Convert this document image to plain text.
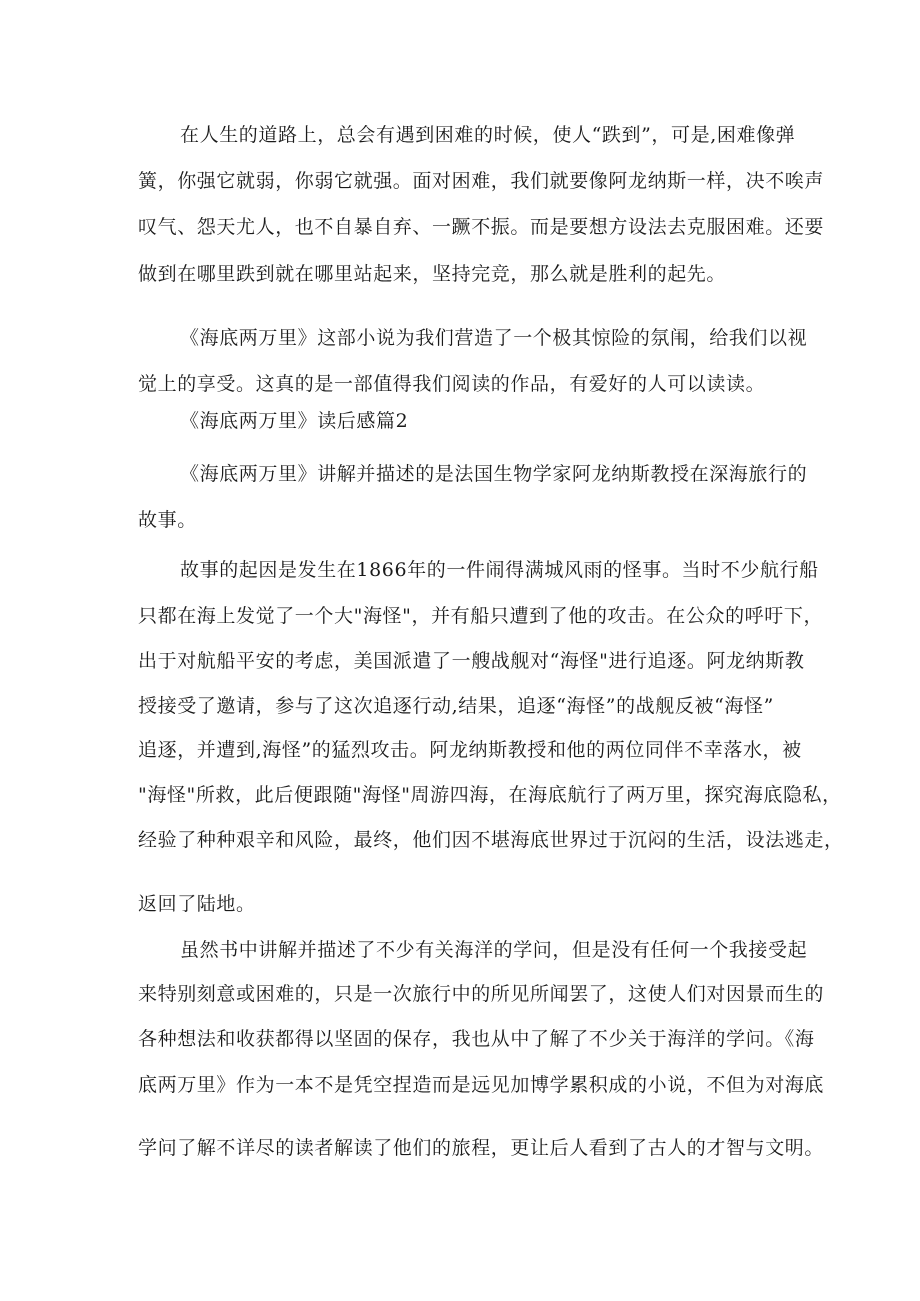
在人生的道路上，总会有遇到困难的时候，使人“跌到”，可是,困难像弹
簧，你强它就弱，你弱它就强。面对困难，我们就要像阿龙纳斯一样，决不唉声
叹气、怨天尤人，也不自暴自弃、一蹶不振。而是要想方设法去克服困难。还要
做到在哪里跌到就在哪里站起来，坚持完竞，那么就是胜利的起先。
《海底两万里》这部小说为我们营造了一个极其惊险的氛闱，给我们以视
觉上的享受。这真的是一部值得我们阅读的作品，有爱好的人可以读读。
《海底两万里》读后感篇2
《海底两万里》讲解并描述的是法国生物学家阿龙纳斯教授在深海旅行的
故事。
故事的起因是发生在1866年的一件闹得满城风雨的怪事。当时不少航行船
只都在海上发觉了一个大"海怪"，并有船只遭到了他的攻击。在公众的呼吁下，
出于对航船平安的考虑，美国派遣了一艘战舰对“海怪"进行追逐。阿龙纳斯教
授接受了邀请，参与了这次追逐行动,结果，追逐“海怪”的战舰反被“海怪”
追逐，并遭到,海怪”的猛烈攻击。阿龙纳斯教授和他的两位同伴不幸落水，被
"海怪"所救，此后便跟随"海怪"周游四海，在海底航行了两万里，探究海底隐私，
经验了种种艰辛和风险，最终，他们因不堪海底世界过于沉闷的生活，设法逃走，
返回了陆地。
虽然书中讲解并描述了不少有关海洋的学问，但是没有任何一个我接受起
来特别刻意或困难的，只是一次旅行中的所见所闻罢了，这使人们对因景而生的
各种想法和收获都得以坚固的保存，我也从中了解了不少关于海洋的学问。《海
底两万里》作为一本不是凭空捏造而是远见加博学累积成的小说，不但为对海底
学问了解不详尽的读者解读了他们的旅程，更让后人看到了古人的才智与文明。
